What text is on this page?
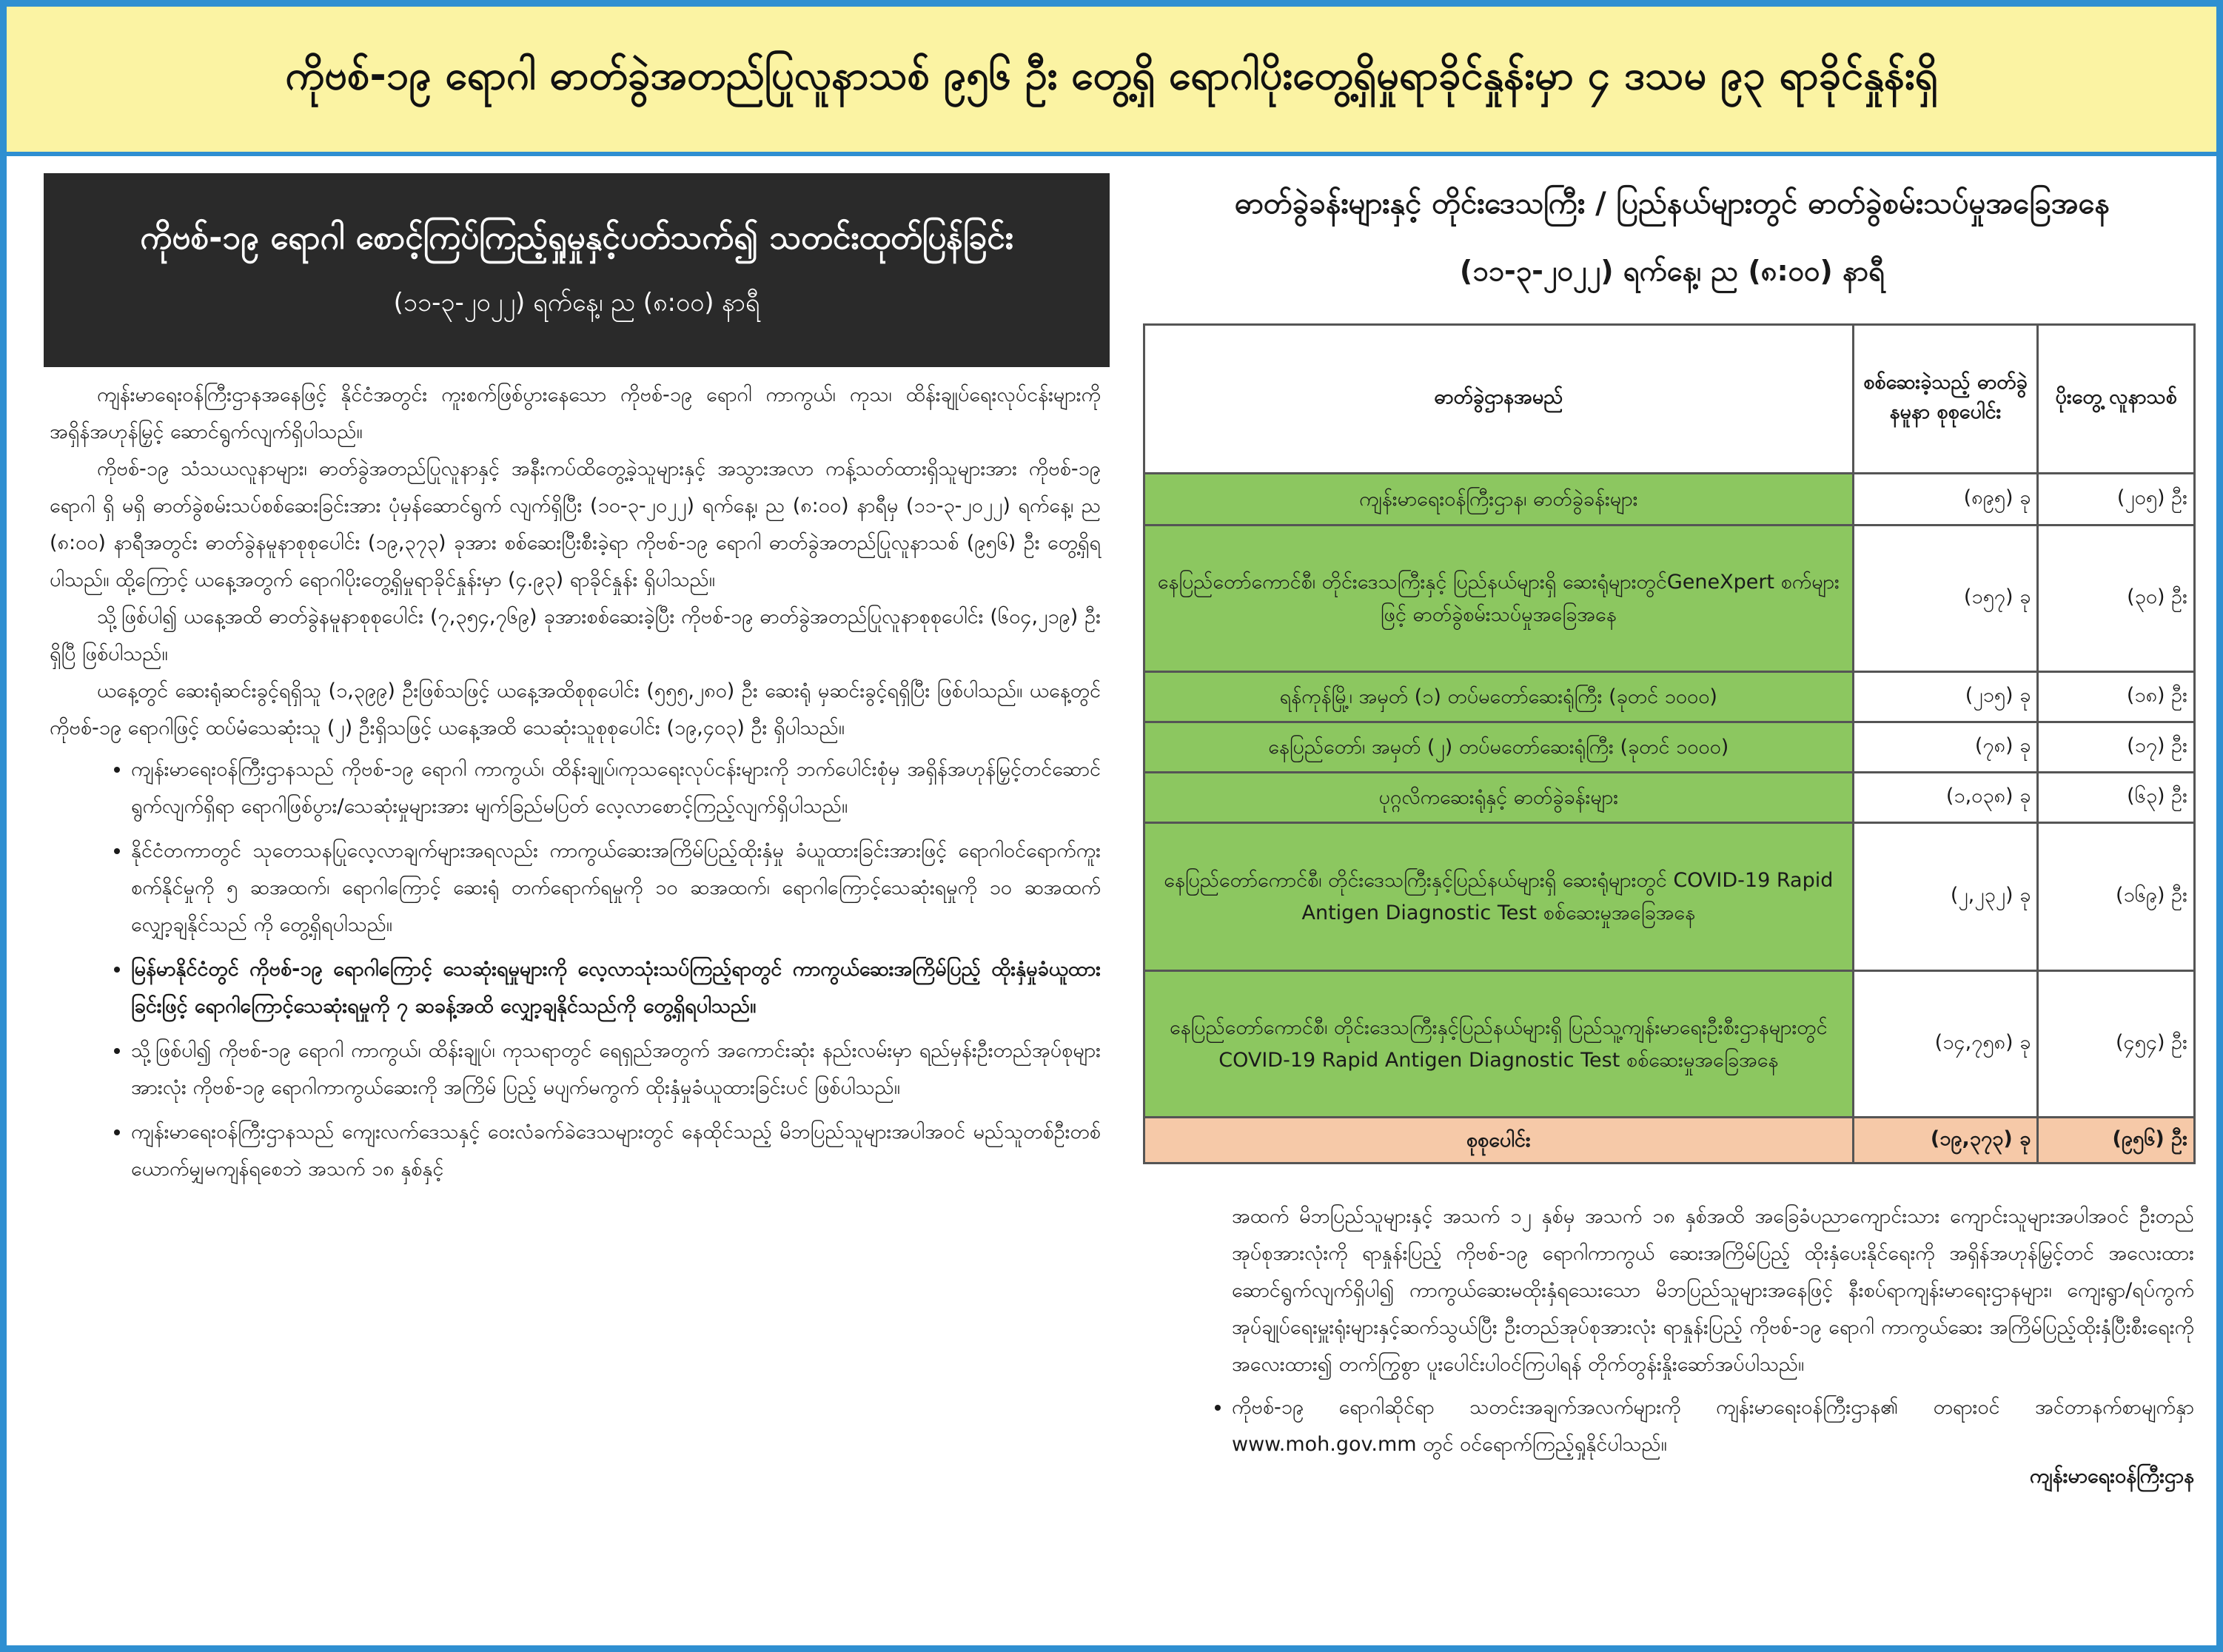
ကိုဗစ်-၁၉ ရောဂါ ဓာတ်ခွဲအတည်ပြုလူနာသစ် ၉၅၆ ဦး တွေ့ရှိ ရောဂါပိုးတွေ့ရှိမှုရာခိုင်နှုန်းမှာ ၄ ဒသမ ၉၃ ရာခိုင်နှုန်းရှိ
ကိုဗစ်-၁၉ ရောဂါ စောင့်ကြပ်ကြည့်ရှုမှုနှင့်ပတ်သက်၍ သတင်းထုတ်ပြန်ခြင်း
(၁၁-၃-၂၀၂၂) ရက်နေ့၊ ည (၈:၀၀) နာရီ

ကျန်းမာရေးဝန်ကြီးဌာနအနေဖြင့် နိုင်ငံအတွင်း ကူးစက်ဖြစ်ပွားနေသော ကိုဗစ်-၁၉ ရောဂါ ကာကွယ်၊ ကုသ၊ ထိန်းချုပ်ရေးလုပ်ငန်းများကို အရှိန်အဟုန်မြှင့် ဆောင်ရွက်လျက်ရှိပါသည်။

ကိုဗစ်-၁၉ သံသယလူနာများ၊ ဓာတ်ခွဲအတည်ပြုလူနာနှင့် အနီးကပ်ထိတွေ့ခဲ့သူများနှင့် အသွားအလာ ကန့်သတ်ထားရှိသူများအား ကိုဗစ်-၁၉ ရောဂါ ရှိ မရှိ ဓာတ်ခွဲစမ်းသပ်စစ်ဆေးခြင်းအား ပုံမှန်ဆောင်ရွက် လျက်ရှိပြီး (၁၀-၃-၂၀၂၂) ရက်နေ့၊ ည (၈:၀၀) နာရီမှ (၁၁-၃-၂၀၂၂) ရက်နေ့၊ ည (၈:၀၀) နာရီအတွင်း ဓာတ်ခွဲနမူနာစုစုပေါင်း (၁၉,၃၇၃) ခုအား စစ်ဆေးပြီးစီးခဲ့ရာ ကိုဗစ်-၁၉ ရောဂါ ဓာတ်ခွဲအတည်ပြုလူနာသစ် (၉၅၆) ဦး တွေ့ရှိရပါသည်။ ထို့ကြောင့် ယနေ့အတွက် ရောဂါပိုးတွေ့ရှိမှုရာခိုင်နှုန်းမှာ (၄.၉၃) ရာခိုင်နှုန်း ရှိပါသည်။

သို့ဖြစ်ပါ၍ ယနေ့အထိ ဓာတ်ခွဲနမူနာစုစုပေါင်း (၇,၃၅၄,၇၆၉) ခုအားစစ်ဆေးခဲ့ပြီး ကိုဗစ်-၁၉ ဓာတ်ခွဲအတည်ပြုလူနာစုစုပေါင်း (၆၀၄,၂၁၉) ဦးရှိပြီ ဖြစ်ပါသည်။

ယနေ့တွင် ဆေးရုံဆင်းခွင့်ရရှိသူ (၁,၃၉၉) ဦးဖြစ်သဖြင့် ယနေ့အထိစုစုပေါင်း (၅၅၅,၂၈၀) ဦး ဆေးရုံ မှဆင်းခွင့်ရရှိပြီး ဖြစ်ပါသည်။ ယနေ့တွင် ကိုဗစ်-၁၉ ရောဂါဖြင့် ထပ်မံသေဆုံးသူ (၂) ဦးရှိသဖြင့် ယနေ့အထိ သေဆုံးသူစုစုပေါင်း (၁၉,၄၀၃) ဦး ရှိပါသည်။

• ကျန်းမာရေးဝန်ကြီးဌာနသည် ကိုဗစ်-၁၉ ရောဂါ ကာကွယ်၊ ထိန်းချုပ်၊ကုသရေးလုပ်ငန်းများကို ဘက်ပေါင်းစုံမှ အရှိန်အဟုန်မြှင့်တင်ဆောင်ရွက်လျက်ရှိရာ ရောဂါဖြစ်ပွား/သေဆုံးမှုများအား မျက်ခြည်မပြတ် လေ့လာစောင့်ကြည့်လျက်ရှိပါသည်။
• နိုင်ငံတကာတွင် သုတေသနပြုလေ့လာချက်များအရလည်း ကာကွယ်ဆေးအကြိမ်ပြည့်ထိုးနှံမှု ခံယူထားခြင်းအားဖြင့် ရောဂါဝင်ရောက်ကူးစက်နိုင်မှုကို ၅ ဆအထက်၊ ရောဂါကြောင့် ဆေးရုံ တက်ရောက်ရမှုကို ၁၀ ဆအထက်၊ ရောဂါကြောင့်သေဆုံးရမှုကို ၁၀ ဆအထက် လျှော့ချနိုင်သည် ကို တွေ့ရှိရပါသည်။
• မြန်မာနိုင်ငံတွင် ကိုဗစ်-၁၉ ရောဂါကြောင့် သေဆုံးရမှုများကို လေ့လာသုံးသပ်ကြည့်ရာတွင် ကာကွယ်ဆေးအကြိမ်ပြည့် ထိုးနှံမှုခံယူထားခြင်းဖြင့် ရောဂါကြောင့်သေဆုံးရမှုကို ၇ ဆခန့်အထိ လျှော့ချနိုင်သည်ကို တွေ့ရှိရပါသည်။
• သို့ဖြစ်ပါ၍ ကိုဗစ်-၁၉ ရောဂါ ကာကွယ်၊ ထိန်းချုပ်၊ ကုသရာတွင် ရေရှည်အတွက် အကောင်းဆုံး နည်းလမ်းမှာ ရည်မှန်းဦးတည်အုပ်စုများအားလုံး ကိုဗစ်-၁၉ ရောဂါကာကွယ်ဆေးကို အကြိမ် ပြည့် မပျက်မကွက် ထိုးနှံမှုခံယူထားခြင်းပင် ဖြစ်ပါသည်။
• ကျန်းမာရေးဝန်ကြီးဌာနသည် ကျေးလက်ဒေသနှင့် ဝေးလံခက်ခဲဒေသများတွင် နေထိုင်သည့် မိဘပြည်သူများအပါအဝင် မည်သူတစ်ဦးတစ်ယောက်မျှမကျန်ရစေဘဲ အသက် ၁၈ နှစ်နှင့်
ဓာတ်ခွဲခန်းများနှင့် တိုင်းဒေသကြီး / ပြည်နယ်များတွင် ဓာတ်ခွဲစမ်းသပ်မှုအခြေအနေ
(၁၁-၃-၂၀၂၂) ရက်နေ့၊ ည (၈:၀၀) နာရီ
ဓာတ်ခွဲဌာနအမည်	စစ်ဆေးခဲ့သည့် ဓာတ်ခွဲနမူနာ စုစုပေါင်း	ပိုးတွေ့ လူနာသစ်
ကျန်းမာရေးဝန်ကြီးဌာန၊ ဓာတ်ခွဲခန်းများ	(၈၉၅) ခု	(၂၀၅) ဦး
နေပြည်တော်ကောင်စီ၊ တိုင်းဒေသကြီးနှင့် ပြည်နယ်များရှိ ဆေးရုံများတွင်GeneXpert စက်များဖြင့် ဓာတ်ခွဲစမ်းသပ်မှုအခြေအနေ	(၁၅၇) ခု	(၃၀) ဦး
ရန်ကုန်မြို့၊ အမှတ် (၁) တပ်မတော်ဆေးရုံကြီး (ခုတင် ၁၀၀၀)	(၂၁၅) ခု	(၁၈) ဦး
နေပြည်တော်၊ အမှတ် (၂) တပ်မတော်ဆေးရုံကြီး (ခုတင် ၁၀၀၀)	(၇၈) ခု	(၁၇) ဦး
ပုဂ္ဂလိကဆေးရုံနှင့် ဓာတ်ခွဲခန်းများ	(၁,၀၃၈) ခု	(၆၃) ဦး
နေပြည်တော်ကောင်စီ၊ တိုင်းဒေသကြီးနှင့်ပြည်နယ်များရှိ ဆေးရုံများတွင် COVID-19 Rapid Antigen Diagnostic Test စစ်ဆေးမှုအခြေအနေ	(၂,၂၃၂) ခု	(၁၆၉) ဦး
နေပြည်တော်ကောင်စီ၊ တိုင်းဒေသကြီးနှင့်ပြည်နယ်များရှိ ပြည်သူ့ကျန်းမာရေးဦးစီးဌာနများတွင် COVID-19 Rapid Antigen Diagnostic Test စစ်ဆေးမှုအခြေအနေ	(၁၄,၇၅၈) ခု	(၄၅၄) ဦး
စုစုပေါင်း	(၁၉,၃၇၃) ခု	(၉၅၆) ဦး

အထက် မိဘပြည်သူများနှင့် အသက် ၁၂ နှစ်မှ အသက် ၁၈ နှစ်အထိ အခြေခံပညာကျောင်းသား ကျောင်းသူများအပါအဝင် ဦးတည်အုပ်စုအားလုံးကို ရာနှုန်းပြည့် ကိုဗစ်-၁၉ ရောဂါကာကွယ် ဆေးအကြိမ်ပြည့် ထိုးနှံပေးနိုင်ရေးကို အရှိန်အဟုန်မြှင့်တင် အလေးထားဆောင်ရွက်လျက်ရှိပါ၍ ကာကွယ်ဆေးမထိုးနှံရသေးသော မိဘပြည်သူများအနေဖြင့် နီးစပ်ရာကျန်းမာရေးဌာနများ၊ ကျေးရွာ/ရပ်ကွက် အုပ်ချုပ်ရေးမှူးရုံးများနှင့်ဆက်သွယ်ပြီး ဦးတည်အုပ်စုအားလုံး ရာနှုန်းပြည့် ကိုဗစ်-၁၉ ရောဂါ ကာကွယ်ဆေး အကြိမ်ပြည့်ထိုးနှံပြီးစီးရေးကို အလေးထား၍ တက်ကြွစွာ ပူးပေါင်းပါဝင်ကြပါရန် တိုက်တွန်းနှိုးဆော်အပ်ပါသည်။

• ကိုဗစ်-၁၉ ရောဂါဆိုင်ရာ သတင်းအချက်အလက်များကို ကျန်းမာရေးဝန်ကြီးဌာန၏ တရားဝင် အင်တာနက်စာမျက်နှာ www.moh.gov.mm တွင် ဝင်ရောက်ကြည့်ရှုနိုင်ပါသည်။
ကျန်းမာရေးဝန်ကြီးဌာန
